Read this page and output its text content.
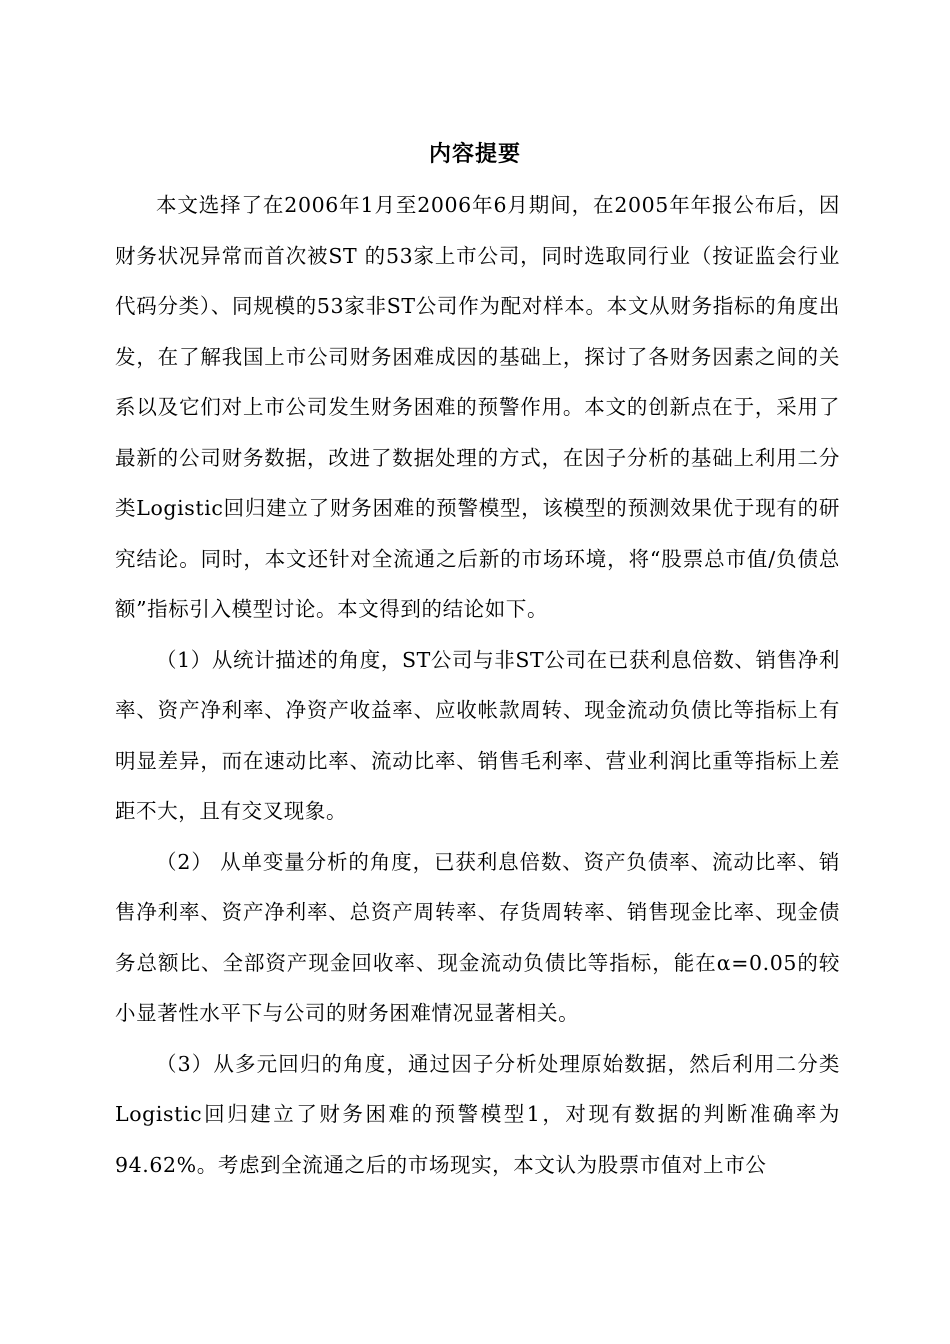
内容提要

本文选择了在2006年1月至2006年6月期间，在2005年年报公布后，因财务状况异常而首次被ST 的53家上市公司，同时选取同行业（按证监会行业代码分类）、同规模的53家非ST公司作为配对样本。本文从财务指标的角度出发，在了解我国上市公司财务困难成因的基础上，探讨了各财务因素之间的关系以及它们对上市公司发生财务困难的预警作用。本文的创新点在于，采用了最新的公司财务数据，改进了数据处理的方式，在因子分析的基础上利用二分类Logistic回归建立了财务困难的预警模型，该模型的预测效果优于现有的研究结论。同时，本文还针对全流通之后新的市场环境，将“股票总市值/负债总额”指标引入模型讨论。本文得到的结论如下。

（1）从统计描述的角度，ST公司与非ST公司在已获利息倍数、销售净利率、资产净利率、净资产收益率、应收帐款周转、现金流动负债比等指标上有明显差异，而在速动比率、流动比率、销售毛利率、营业利润比重等指标上差距不大，且有交叉现象。

（2） 从单变量分析的角度，已获利息倍数、资产负债率、流动比率、销售净利率、资产净利率、总资产周转率、存货周转率、销售现金比率、现金债务总额比、全部资产现金回收率、现金流动负债比等指标，能在α=0.05的较小显著性水平下与公司的财务困难情况显著相关。

（3）从多元回归的角度，通过因子分析处理原始数据，然后利用二分类Logistic回归建立了财务困难的预警模型1，对现有数据的判断准确率为94.62%。考虑到全流通之后的市场现实，本文认为股票市值对上市公
